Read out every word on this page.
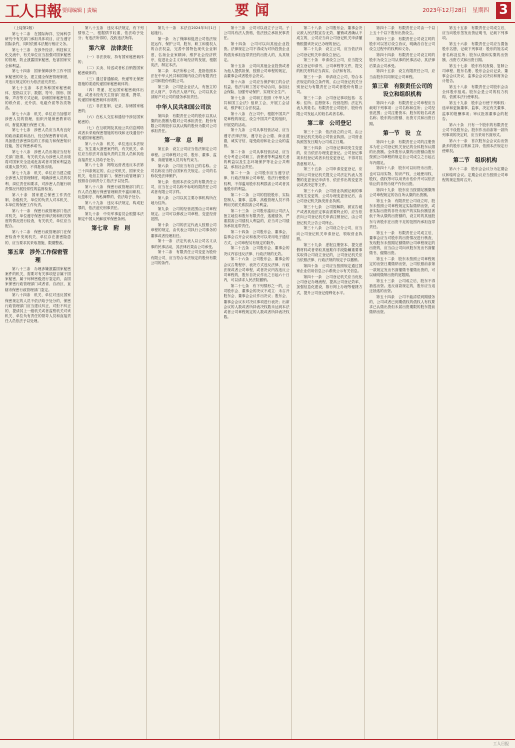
工人日報 要闻编辑 | 责编	要闻	2023年12月28日　星期四 3
（上接第2版）
第七十二条　在国际海洋、空间科学研究中有关部门承担具体项目，应当遵守国际条约，同时依照本法履行相应义务。
第七十三条　在涉外经济、科技和文化交流中，有关单位应当加强对国家秘密的管理，防止泄露国家秘密，危害国家安全和利益。
第七十四条　国家保障涉外工作中国家秘密的安全，建立健全保密管理制度，对违反规定的行为依法追究责任。
第七十五条　本法所称国家秘密载体，是指以文字、数据、符号、图形、图像、声音等方式记载、存储国家秘密信息的纸介质、光介质、电磁介质等各类物品。
第七十六条　机关、单位应当加强对涉密人员的管理，组织开展保密教育培训，督促其履行保密义务。
第七十七条　涉密人员应当具有良好的政治素质和品行，经过保密教育培训，具备胜任涉密岗位的工作能力和保密知识技能，签订保密承诺书。
第七十八条　涉密人员出境应当经有关部门批准，有关机关认为涉密人员出境将对国家安全造成危害或者对国家利益造成重大损失的，不得批准出境。
第七十九条　机关、单位应当建立健全涉密人员管理制度，明确涉密人员的权利、岗位责任和要求，对涉密人员履行职责情况开展经常性的监督检查。
第八十条　国家建立保密工作责任制，各级机关、单位的负责人对本机关、本单位的保密工作负责。
第八十一条　保密行政管理部门依法对机关、单位遵守保密法律法规和相关制度的情况进行检查，有关机关、单位应当配合。
第八十二条　保密行政管理部门在保密检查中发现机关、单位存在泄密隐患的，应当要求其采取措施，限期整改。
第五章　涉外工作保密管理
第八十三条　办理涉嫌泄露国家秘密案件的机关，需要对有关事项是否属于国家秘密、属于何种密级进行鉴定的，由国家保密行政管理部门或者省、自治区、直辖市保密行政管理部门鉴定。
第八十四条　机关、单位对违反国家保密规定的人员不依法给予处分的，保密行政管理部门应当建议纠正，对拒不纠正的，提请其上一级机关或者监察机关对该机关、单位负有责任的领导人员和直接责任人员依法予以处理。
第八十五条　违反本法规定，有下列情形之一，根据情节轻重，依法给予处分；有违法所得的，没收违法所得。
第六章　法律责任
（一）非法获取、持有国家秘密载体的；
（二）买卖、转送或者私自销毁国家秘密载体的；
（三）通过普通邮政、快递等无保密措施的渠道传递国家秘密载体的；
（四）寄递、托运国家秘密载体出境，或者未经有关主管部门批准，携带、传递国家秘密载体出境的；
（五）非法复制、记录、存储国家秘密的；
（六）在私人交往和通信中涉及国家秘密的；
（七）在互联网及其他公共信息网络或者未采取保密措施的有线和无线通信中传递国家秘密的；
第八十六条　机关、单位违反本法规定，发生重大泄密案件的，有关机关、单位应当依法对直接负责的主管人员和其他直接责任人员给予处分。
第八十七条　网络运营者违反本法第三十四条规定的，由公安机关、国家安全机关、电信主管部门、保密行政管理部门按照各自职责分工依法予以处罚。
第八十八条　保密行政管理部门的工作人员在履行保密管理职责中滥用职权、玩忽职守、徇私舞弊的，依法给予处分。
第八十九条　违反本法规定，构成犯罪的，依法追究刑事责任。
第九十条　中央军事委员会根据本法制定中国人民解放军保密条例。
第七章　附　则
第九十一条　本法自2024年5月1日起施行。
第一条　为了保障和促进公司依法规范运作，保护公司、股东、职工和债权人的合法权益，完善中国特色现代企业制度，弘扬企业家精神，维护社会经济秩序，促进社会主义市场经济的发展，根据宪法，制定本法。
第二条　本法所称公司，是指依照本法在中华人民共和国境内设立的有限责任公司和股份有限公司。
第三条　公司是企业法人，有独立的法人财产，享有法人财产权。公司以其全部财产对公司的债务承担责任。
中华人民共和国公司法
第四条　有限责任公司的股东以其认缴的出资额为限对公司承担责任；股份有限公司的股东以其认购的股份为限对公司承担责任。
第一章　总　则
第五条　设立公司应当依法制定公司章程。公司章程对公司、股东、董事、监事、高级管理人员具有约束力。
第六条　公司应当有自己的名称。公司名称应当符合国家有关规定。公司的名称权受法律保护。
第七条　依照本法设立的有限责任公司，应当在公司名称中标明有限责任公司或者有限公司字样。
第八条　公司以其主要办事机构所在地为住所。
第九条　公司的经营范围由公司章程规定。公司可以修改公司章程，变更经营范围。
第十条　公司的法定代表人按照公司章程的规定，由代表公司执行公司事务的董事或者经理担任。
第十一条　法定代表人以公司名义从事的民事活动，其法律后果由公司承受。
第十二条　有限责任公司变更为股份有限公司，应当符合本法规定的股份有限公司的条件。
第十三条　公司可以设立子公司。子公司具有法人资格，依法独立承担民事责任。
第十四条　公司可以向其他企业投资。法律规定公司不得成为对所投资企业的债务承担连带责任的出资人的，从其规定。
第十五条　公司向其他企业投资或者为他人提供担保，按照公司章程的规定，由董事会或者股东会决议。
第十六条　公司应当保护职工的合法权益，依法与职工签订劳动合同，参加社会保险，加强劳动保护，实现安全生产。
第十七条　公司职工依照《中华人民共和国工会法》组织工会，开展工会活动，维护职工合法权益。
第十八条　在公司中，根据中国共产党章程的规定，设立中国共产党的组织，开展党的活动。
第十九条　公司从事经营活动，应当遵守法律法规，遵守社会公德、商业道德，诚实守信，接受政府和社会公众的监督。
第二十条　公司从事经营活动，应当充分考虑公司职工、消费者等利益相关者的利益以及生态环境保护等社会公共利益，承担社会责任。
第二十一条　公司股东应当遵守法律、行政法规和公司章程，依法行使股东权利，不得滥用股东权利损害公司或者其他股东的利益。
第二十二条　公司的控股股东、实际控制人、董事、监事、高级管理人员不得利用关联关系损害公司利益。
第二十三条　公司股东滥用公司法人独立地位和股东有限责任，逃避债务，严重损害公司债权人利益的，应当对公司债务承担连带责任。
第二十四条　公司股东会、董事会、监事会召开会议和表决可以采用电子通信方式，公司章程另有规定的除外。
第二十五条　公司股东会、董事会的决议内容违反法律、行政法规的无效。
第二十六条　公司股东会、董事会的会议召集程序、表决方式违反法律、行政法规或者公司章程，或者决议内容违反公司章程的，股东自决议作出之日起六十日内，可以请求人民法院撤销。
第二十七条　有下列情形之一的，公司股东会、董事会的决议不成立：未召开股东会、董事会会议作出决议；股东会、董事会会议未对决议事项进行表决；出席会议的人数或者所持表决权数未达到本法或者公司章程规定的人数或者所持表决权数。
第二十八条　公司股东会、董事会决议被人民法院宣告无效、撤销或者确认不成立的，公司应当向公司登记机关申请撤销根据该决议已办理的登记。
第二十九条　设立公司，应当依法向公司登记机关申请设立登记。
第三十条　申请设立公司，应当提交设立登记申请书、公司章程等文件，提交的相关材料应当真实、合法和有效。
第三十一条　申请设立公司，符合本法规定的设立条件的，由公司登记机关分别登记为有限责任公司或者股份有限公司。
第三十二条　公司登记事项包括：名称；住所；注册资本；经营范围；法定代表人的姓名；有限责任公司股东、股份有限公司发起人的姓名或者名称。
第二章　公司登记
第三十三条　依法设立的公司，由公司登记机关发给公司营业执照。公司营业执照签发日期为公司成立日期。
第三十四条　公司登记事项发生变更的，应当依法办理变更登记。公司登记事项未经登记或者未经变更登记，不得对抗善意相对人。
第三十五条　公司申请变更登记，应当向公司登记机关提交公司法定代表人签署的变更登记申请书、依法作出的变更决议或者决定等文件。
第三十六条　公司营业执照记载的事项发生变更的，公司办理变更登记后，由公司登记机关换发营业执照。
第三十七条　公司因解散、被宣告破产或者其他法定事由需要终止的，应当依法向公司登记机关申请注销登记，由公司登记机关公告公司终止。
第三十八条　公司设立分公司，应当向公司登记机关申请登记，领取营业执照。
第三十九条　虚报注册资本、提交虚假材料或者采取其他欺诈手段隐瞒重要事实取得公司设立登记的，公司登记机关应当依照法律、行政法规的规定予以撤销。
第四十条　公司应当按照规定通过国家企业信用信息公示系统公示有关信息。
第四十一条　公司登记机关应当优化公司登记办理流程，提高公司登记效率，加强信息化建设，推行网上办理等便捷方式，提升公司登记便利化水平。
第四十二条　有限责任公司由一个以上五十个以下股东出资设立。
第四十三条　有限责任公司设立时的股东可以签订设立协议，明确各自在公司设立过程中的权利和义务。
第四十四条　有限责任公司设立时的股东为设立公司从事的民事活动，其法律后果由公司承受。
第四十五条　设立有限责任公司，应当由股东共同制定公司章程。
第三章　有限责任公司的设立和组织机构
第四十六条　有限责任公司章程应当载明下列事项：公司名称和住所；公司经营范围；公司注册资本；股东的姓名或者名称；股东的出资额、出资方式和出资日期。
第一节　设　立
第四十七条　有限责任公司的注册资本为在公司登记机关登记的全体股东认缴的出资额。全体股东认缴的出资额由股东按照公司章程的规定自公司成立之日起五年内缴足。
第四十八条　股东可以用货币出资，也可以用实物、知识产权、土地使用权、股权、债权等可以用货币估价并可以依法转让的非货币财产作价出资。
第四十九条　股东应当按期足额缴纳公司章程规定的各自所认缴的出资额。
第五十条　有限责任公司设立时，股东未按照公司章程规定实际缴纳出资，或者实际出资的非货币财产的实际价额显著低于所认缴的出资额的，设立时的其他股东与该股东在出资不足的范围内承担连带责任。
第五十一条　有限责任公司成立后，董事会应当对股东的出资情况进行核查，发现股东未按期足额缴纳公司章程规定的出资的，应当由公司向该股东发出书面催缴书，催缴出资。
第五十二条　股东未按照公司章程规定的出资日期缴纳出资，公司依照前条第一款规定发出书面催缴书催缴出资的，可以载明缴纳出资的宽限期。
第五十三条　公司成立后，股东不得抽逃出资。违反前款规定的，股东应当返还抽逃的出资。
第五十四条　公司不能清偿到期债务的，公司或者已到期债权的债权人有权要求已认缴出资但未届出资期限的股东提前缴纳出资。
第五十五条　有限责任公司成立后，应当向股东签发出资证明书，记载下列事项。
第五十六条　有限责任公司应当置备股东名册，记载下列事项：股东的姓名或者名称及住所；股东认缴和实缴的出资额、出资方式和出资日期。
第五十七条　股东有权查阅、复制公司章程、股东名册、股东会会议记录、董事会会议决议、监事会会议决议和财务会计报告。
第五十八条　有限责任公司股东会由全体股东组成。股东会是公司的权力机构，依照本法行使职权。
第五十九条　股东会行使下列职权：选举和更换董事、监事，决定有关董事、监事的报酬事项；审议批准董事会的报告。
第六十条　只有一个股东的有限责任公司不设股东会。股东作出前条第一款所列事项的决定时，应当采用书面形式。
第六十一条　首次股东会会议由出资最多的股东召集和主持，依照本法规定行使职权。
第二节　组织机构
第六十二条　股东会会议分为定期会议和临时会议。定期会议应当按照公司章程的规定按时召开。
工人日报
